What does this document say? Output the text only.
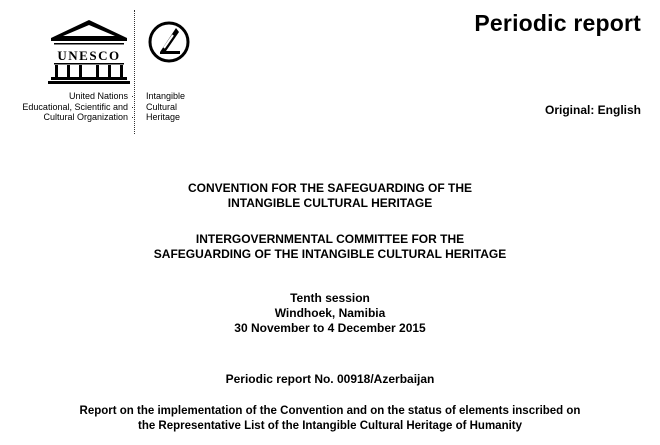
UNESCO
United Nations
Educational, Scientific and
Cultural Organization
·
·
·
Intangible
Cultural
Heritage
Periodic report
Original: English
CONVENTION FOR THE SAFEGUARDING OF THE
INTANGIBLE CULTURAL HERITAGE
INTERGOVERNMENTAL COMMITTEE FOR THE
SAFEGUARDING OF THE INTANGIBLE CULTURAL HERITAGE
Tenth session
Windhoek, Namibia
30 November to 4 December 2015
Periodic report No. 00918/Azerbaijan
Report on the implementation of the Convention and on the status of elements inscribed on
the Representative List of the Intangible Cultural Heritage of Humanity
